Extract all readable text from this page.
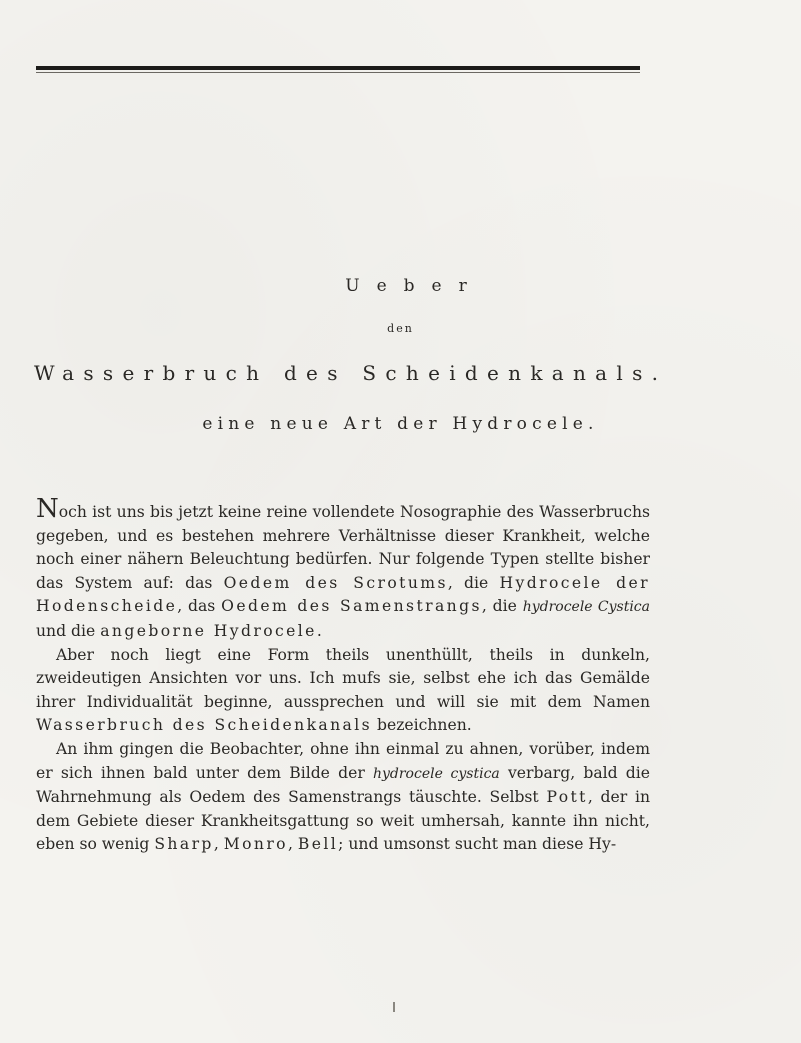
Ueber
den
Wasserbruch des Scheidenkanals.
eine neue Art der Hydrocele.

Noch ist uns bis jetzt keine reine vollendete Nosographie des Wasserbruchs gegeben, und es bestehen mehrere Verhältnisse dieser Krankheit, welche noch einer nähern Beleuchtung bedürfen. Nur folgende Typen stellte bisher das System auf: das Oedem des Scrotums, die Hydrocele der Hodenscheide, das Oedem des Samenstrangs, die hydrocele Cystica und die angeborne Hydrocele.

Aber noch liegt eine Form theils unenthüllt, theils in dunkeln, zweideutigen Ansichten vor uns. Ich mufs sie, selbst ehe ich das Gemälde ihrer Individualität beginne, aussprechen und will sie mit dem Namen Wasserbruch des Scheidenkanals bezeichnen.

An ihm gingen die Beobachter, ohne ihn einmal zu ahnen, vorüber, indem er sich ihnen bald unter dem Bilde der hydrocele cystica verbarg, bald die Wahrnehmung als Oedem des Samenstrangs täuschte. Selbst Pott, der in dem Gebiete dieser Krankheitsgattung so weit umhersah, kannte ihn nicht, eben so wenig Sharp, Monro, Bell; und umsonst sucht man diese Hy-
